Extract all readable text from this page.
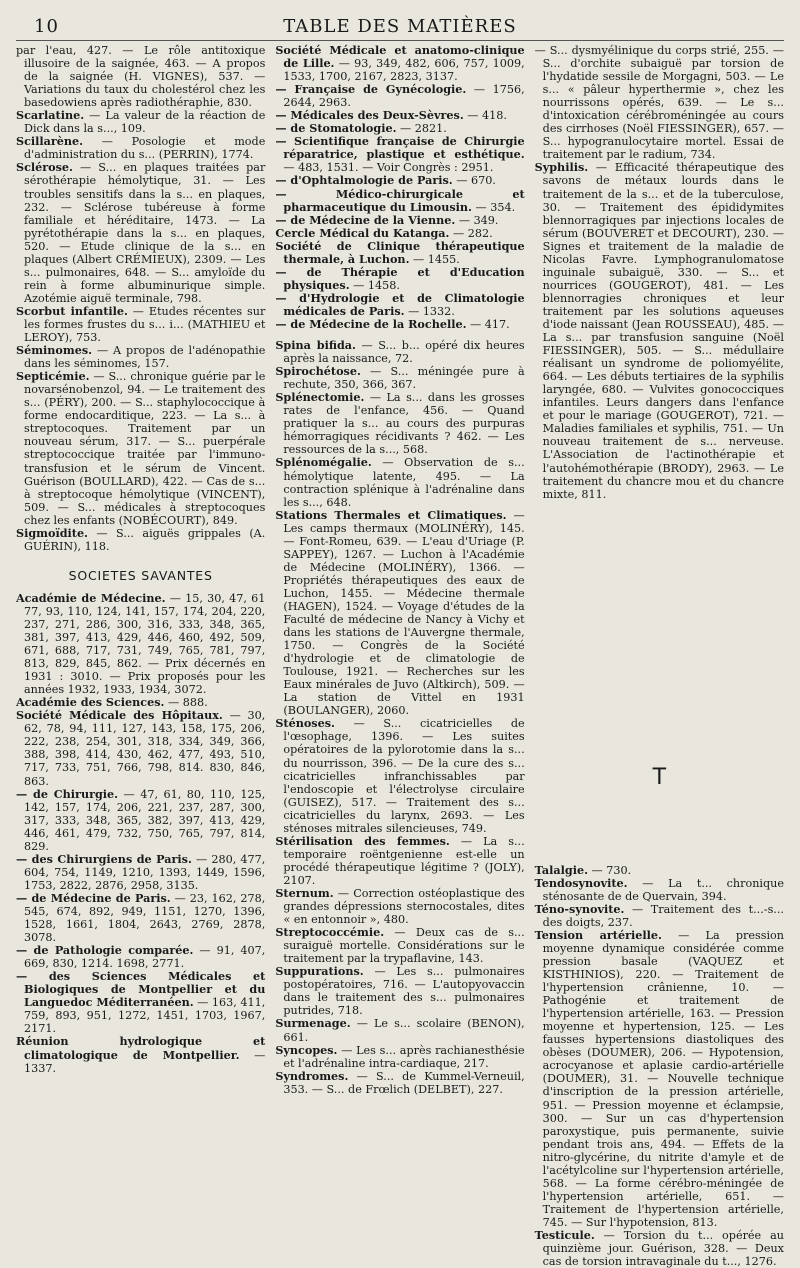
10	TABLE DES MATIÈRES

par l'eau, 427. — Le rôle antitoxique illusoire de la saignée, 463. — A propos de la saignée (H. VIGNES), 537. — Variations du taux du cholestérol chez les basedowiens après radiothéraphie, 830.

Scarlatine. — La valeur de la réaction de Dick dans la s..., 109.

Scillarène. — Posologie et mode d'administration du s... (PERRIN), 1774.

Sclérose. — S... en plaques traitées par sérothérapie hémolytique, 31. — Les troubles sensitifs dans la s... en plaques, 232. — Sclérose tubéreuse à forme familiale et héréditaire, 1473. — La pyrétothérapie dans la s... en plaques, 520. — Etude clinique de la s... en plaques (Albert CRÉMIEUX), 2309. — Les s... pulmonaires, 648. — S... amyloïde du rein à forme albuminurique simple. Azotémie aiguë terminale, 798.

Scorbut infantile. — Etudes récentes sur les formes frustes du s... i... (MATHIEU et LEROY), 753.

Séminomes. — A propos de l'adénopathie dans les séminomes, 157.

Septicémie. — S... chronique guérie par le novarsénobenzol, 94. — Le traitement des s... (PÉRY), 200. — S... staphylococcique à forme endocarditique, 223. — La s... à streptocoques. Traitement par un nouveau sérum, 317. — S... puerpérale streptococcique traitée par l'immuno-transfusion et le sérum de Vincent. Guérison (BOULLARD), 422. — Cas de s... à streptocoque hémolytique (VINCENT), 509. — S... médicales à streptocoques chez les enfants (NOBÉCOURT), 849.

Sigmoïdite. — S... aiguës grippales (A. GUÉRIN), 118.

SOCIETES SAVANTES

Académie de Médecine. — 15, 30, 47, 61 77, 93, 110, 124, 141, 157, 174, 204, 220, 237, 271, 286, 300, 316, 333, 348, 365, 381, 397, 413, 429, 446, 460, 492, 509, 671, 688, 717, 731, 749, 765, 781, 797, 813, 829, 845, 862. — Prix décernés en 1931 : 3010. — Prix proposés pour les années 1932, 1933, 1934, 3072.

Académie des Sciences. — 888.

Société Médicale des Hôpitaux. — 30, 62, 78, 94, 111, 127, 143, 158, 175, 206, 222, 238, 254, 301, 318, 334, 349, 366, 388, 398, 414, 430, 462, 477, 493, 510, 717, 733, 751, 766, 798, 814. 830, 846, 863.

— de Chirurgie. — 47, 61, 80, 110, 125, 142, 157, 174, 206, 221, 237, 287, 300, 317, 333, 348, 365, 382, 397, 413, 429, 446, 461, 479, 732, 750, 765, 797, 814, 829.

— des Chirurgiens de Paris. — 280, 477, 604, 754, 1149, 1210, 1393, 1449, 1596, 1753, 2822, 2876, 2958, 3135.

— de Médecine de Paris. — 23, 162, 278, 545, 674, 892, 949, 1151, 1270, 1396, 1528, 1661, 1804, 2643, 2769, 2878, 3078.

— de Pathologie comparée. — 91, 407, 669, 830, 1214. 1698, 2771.

— des Sciences Médicales et Biologiques de Montpellier et du Languedoc Méditerranéen. — 163, 411, 759, 893, 951, 1272, 1451, 1703, 1967, 2171.

Réunion hydrologique et climatologique de Montpellier. — 1337.

Société Médicale et anatomo-clinique de Lille. — 93, 349, 482, 606, 757, 1009, 1533, 1700, 2167, 2823, 3137.

— Française de Gynécologie. — 1756, 2644, 2963.

— Médicales des Deux-Sèvres. — 418.

— de Stomatologie. — 2821.

— Scientifique française de Chirurgie réparatrice, plastique et esthétique. — 483, 1531. — Voir Congrès : 2951.

— d'Ophtalmologie de Paris. — 670.

— Médico-chirurgicale et pharmaceutique du Limousin. — 354.

— de Médecine de la Vienne. — 349.

Cercle Médical du Katanga. — 282.

Société de Clinique thérapeutique thermale, à Luchon. — 1455.

— de Thérapie et d'Education physiques. — 1458.

— d'Hydrologie et de Climatologie médicales de Paris. — 1332.

— de Médecine de la Rochelle. — 417.

Spina bifida. — S... b... opéré dix heures après la naissance, 72.

Spirochétose. — S... méningée pure à rechute, 350, 366, 367.

Splénectomie. — La s... dans les grosses rates de l'enfance, 456. — Quand pratiquer la s... au cours des purpuras hémorragiques récidivants ? 462. — Les ressources de la s..., 568.

Splénomégalie. — Observation de s... hémolytique latente, 495. — La contraction splénique à l'adrénaline dans les s..., 648.

Stations Thermales et Climatiques. — Les camps thermaux (MOLINÉRY), 145. — Font-Romeu, 639. — L'eau d'Uriage (P. SAPPEY), 1267. — Luchon à l'Académie de Médecine (MOLINÉRY), 1366. — Propriétés thérapeutiques des eaux de Luchon, 1455. — Médecine thermale (HAGEN), 1524. — Voyage d'études de la Faculté de médecine de Nancy à Vichy et dans les stations de l'Auvergne thermale, 1750. — Congrès de la Société d'hydrologie et de climatologie de Toulouse, 1921. — Recherches sur les Eaux minérales de Juvo (Altkirch), 509. — La station de Vittel en 1931 (BOULANGER), 2060.

Sténoses. — S... cicatricielles de l'œsophage, 1396. — Les suites opératoires de la pylorotomie dans la s... du nourrisson, 396. — De la cure des s... cicatricielles infranchissables par l'endoscopie et l'électrolyse circulaire (GUISEZ), 517. — Traitement des s... cicatricielles du larynx, 2693. — Les sténoses mitrales silencieuses, 749.

Stérilisation des femmes. — La s... temporaire roëntgenienne est-elle un procédé thérapeutique légitime ? (JOLY), 2107.

Sternum. — Correction ostéoplastique des grandes dépressions sternocostales, dites « en entonnoir », 480.

Streptococcémie. — Deux cas de s... suraiguë mortelle. Considérations sur le traitement par la trypaflavine, 143.

Suppurations. — Les s... pulmonaires postopératoires, 716. — L'autopyovaccin dans le traitement des s... pulmonaires putrides, 718.

Surmenage. — Le s... scolaire (BENON), 661.

Syncopes. — Les s... après rachianesthésie et l'adrénaline intra-cardiaque, 217.

Syndromes. — S... de Kummel-Verneuil, 353. — S... de Frœlich (DELBET), 227.

— S... dysmyélinique du corps strié, 255. — S... d'orchite subaiguë par torsion de l'hydatide sessile de Morgagni, 503. — Le s... « pâleur hyperthermie », chez les nourrissons opérés, 639. — Le s... d'intoxication cérébroméningée au cours des cirrhoses (Noël FIESSINGER), 657. — S... hypogranulocytaire mortel. Essai de traitement par le radium, 734.

Syphilis. — Efficacité thérapeutique des savons de métaux lourds dans le traitement de la s... et de la tuberculose, 30. — Traitement des épididymites blennorragiques par injections locales de sérum (BOUVERET et DECOURT), 230. — Signes et traitement de la maladie de Nicolas Favre. Lymphogranulomatose inguinale subaiguë, 330. — S... et nourrices (GOUGEROT), 481. — Les blennorragies chroniques et leur traitement par les solutions aqueuses d'iode naissant (Jean ROUSSEAU), 485. — La s... par transfusion sanguine (Noël FIESSINGER), 505. — S... médullaire réalisant un syndrome de poliomyélite, 664. — Les débuts tertiaires de la syphilis laryngée, 680. — Vulvites gonococciques infantiles. Leurs dangers dans l'enfance et pour le mariage (GOUGEROT), 721. — Maladies familiales et syphilis, 751. — Un nouveau traitement de s... nerveuse. L'Association de l'actinothérapie et l'autohémothérapie (BRODY), 2963. — Le traitement du chancre mou et du chancre mixte, 811.

T

Talalgie. — 730.

Tendosynovite. — La t... chronique sténosante de de Quervain, 394.

Téno-synovite. — Traitement des t...-s... des doigts, 237.

Tension artérielle. — La pression moyenne dynamique considérée comme pression basale (VAQUEZ et KISTHINIOS), 220. — Traitement de l'hypertension crânienne, 10. — Pathogénie et traitement de l'hypertension artérielle, 163. — Pression moyenne et hypertension, 125. — Les fausses hypertensions diastoliques des obèses (DOUMER), 206. — Hypotension, acrocyanose et aplasie cardio-artérielle (DOUMER), 31. — Nouvelle technique d'inscription de la pression artérielle, 951. — Pression moyenne et éclampsie, 300. — Sur un cas d'hypertension paroxystique, puis permanente, suivie pendant trois ans, 494. — Effets de la nitro-glycérine, du nitrite d'amyle et de l'acétylcoline sur l'hypertension artérielle, 568. — La forme cérébro-méningée de l'hypertension artérielle, 651. — Traitement de l'hypertension artérielle, 745. — Sur l'hypotension, 813.

Testicule. — Torsion du t... opérée au quinzième jour. Guérison, 328. — Deux cas de torsion intravaginale du t..., 1276.
